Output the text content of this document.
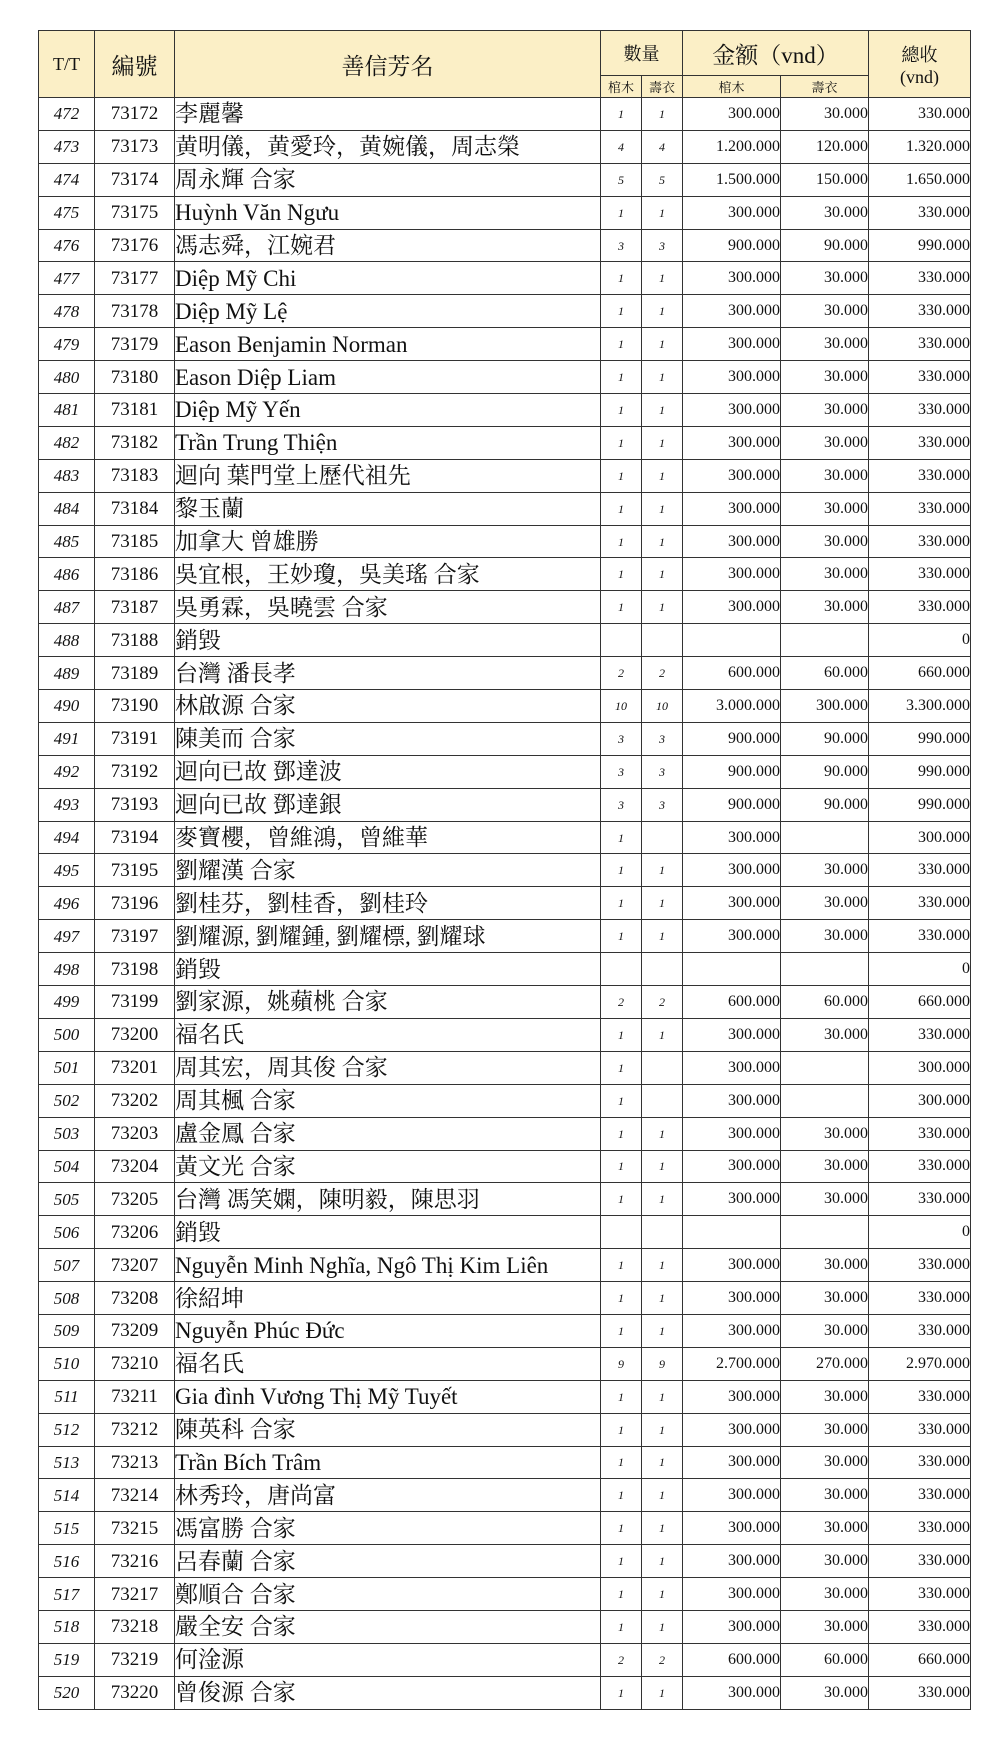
T/T	編號	善信芳名	數量		金额（vnd）		總收
(vnd)

			棺木	壽衣	棺木	壽衣	
472	73172	李麗馨	1	1	300.000	30.000	330.000
473	73173	黄明儀，黄愛玲，黄婉儀，周志榮	4	4	1.200.000	120.000	1.320.000
474	73174	周永輝 合家	5	5	1.500.000	150.000	1.650.000
475	73175	Huỳnh Văn Ngưu	1	1	300.000	30.000	330.000
476	73176	馮志舜，江婉君	3	3	900.000	90.000	990.000
477	73177	Diệp Mỹ Chi	1	1	300.000	30.000	330.000
478	73178	Diệp Mỹ Lệ	1	1	300.000	30.000	330.000
479	73179	Eason Benjamin Norman	1	1	300.000	30.000	330.000
480	73180	Eason Diệp Liam	1	1	300.000	30.000	330.000
481	73181	Diệp Mỹ Yến	1	1	300.000	30.000	330.000
482	73182	Trần Trung Thiện	1	1	300.000	30.000	330.000
483	73183	迴向 葉門堂上歷代祖先	1	1	300.000	30.000	330.000
484	73184	黎玉蘭	1	1	300.000	30.000	330.000
485	73185	加拿大 曾雄勝	1	1	300.000	30.000	330.000
486	73186	吳宜根，王妙瓊，吳美瑤 合家	1	1	300.000	30.000	330.000
487	73187	吳勇霖，吳曉雲 合家	1	1	300.000	30.000	330.000
488	73188	銷毀					0
489	73189	台灣 潘長孝	2	2	600.000	60.000	660.000
490	73190	林啟源 合家	10	10	3.000.000	300.000	3.300.000
491	73191	陳美而 合家	3	3	900.000	90.000	990.000
492	73192	迴向已故 鄧達波	3	3	900.000	90.000	990.000
493	73193	迴向已故 鄧達銀	3	3	900.000	90.000	990.000
494	73194	麥寶櫻，曾維鴻，曾維華	1		300.000		300.000
495	73195	劉耀漢 合家	1	1	300.000	30.000	330.000
496	73196	劉桂芬，劉桂香，劉桂玲	1	1	300.000	30.000	330.000
497	73197	劉耀源, 劉耀鍾, 劉耀標, 劉耀球	1	1	300.000	30.000	330.000
498	73198	銷毀					0
499	73199	劉家源，姚蘋桃 合家	2	2	600.000	60.000	660.000
500	73200	福名氏	1	1	300.000	30.000	330.000
501	73201	周其宏，周其俊 合家	1		300.000		300.000
502	73202	周其楓 合家	1		300.000		300.000
503	73203	盧金鳳 合家	1	1	300.000	30.000	330.000
504	73204	黃文光 合家	1	1	300.000	30.000	330.000
505	73205	台灣 馮笑嫻，陳明毅，陳思羽	1	1	300.000	30.000	330.000
506	73206	銷毀					0
507	73207	Nguyễn Minh Nghĩa, Ngô Thị Kim Liên	1	1	300.000	30.000	330.000
508	73208	徐紹坤	1	1	300.000	30.000	330.000
509	73209	Nguyễn Phúc Đức	1	1	300.000	30.000	330.000
510	73210	福名氏	9	9	2.700.000	270.000	2.970.000
511	73211	Gia đình Vương Thị Mỹ Tuyết	1	1	300.000	30.000	330.000
512	73212	陳英科 合家	1	1	300.000	30.000	330.000
513	73213	Trần Bích Trâm	1	1	300.000	30.000	330.000
514	73214	林秀玲，唐尚富	1	1	300.000	30.000	330.000
515	73215	馮富勝 合家	1	1	300.000	30.000	330.000
516	73216	呂春蘭 合家	1	1	300.000	30.000	330.000
517	73217	鄭順合 合家	1	1	300.000	30.000	330.000
518	73218	嚴全安 合家	1	1	300.000	30.000	330.000
519	73219	何淦源	2	2	600.000	60.000	660.000
520	73220	曾俊源 合家	1	1	300.000	30.000	330.000
